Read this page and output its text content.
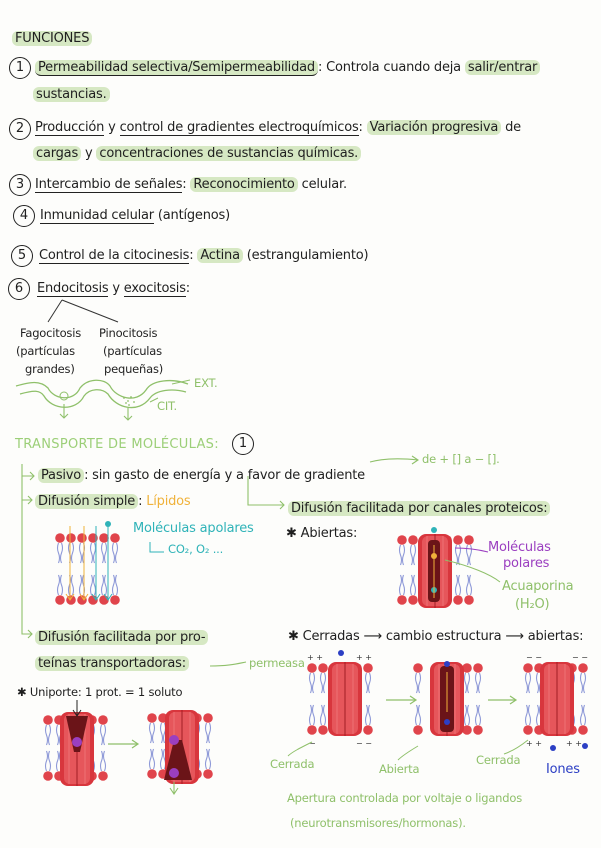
FUNCIONES
1	Permeabilidad selectiva/Semipermeabilidad : Controla cuando deja salir/entrar
sustancias.
2 Producción y control de gradientes electroquímicos: Variación progresiva de
cargas y concentraciones de sustancias químicas.
3 Intercambio de señales: Reconocimiento celular.
4 Inmunidad celular (antígenos)
5 Control de la citocinesis: Actina (estrangulamiento)
6	Endocitosis y exocitosis:
Fagocitosis
(partículas
grandes)
Pinocitosis
(partículas
pequeñas)
EXT.
CIT.
TRANSPORTE DE MOLÉCULAS:	1
Pasivo : sin gasto de energía y a favor de gradiente
de + [] a − [].
Difusión simple : Lípidos
Moléculas apolares
CO₂, O₂ ...
Difusión facilitada por canales proteicos:
✱ Abiertas:
Moléculas
polares
Acuaporina
(H₂O)
Difusión facilitada por pro-
teínas transportadoras:	permeasa
✱ Uniporte: 1 prot. = 1 soluto
✱ Cerradas ⟶ cambio estructura ⟶ abiertas:
Cerrada	Abierta
Cerrada
Iones
Apertura controlada por voltaje o ligandos
(neurotransmisores/hormonas).
+ +	+ +
−	− −
− −	− −
+ +	+ +
